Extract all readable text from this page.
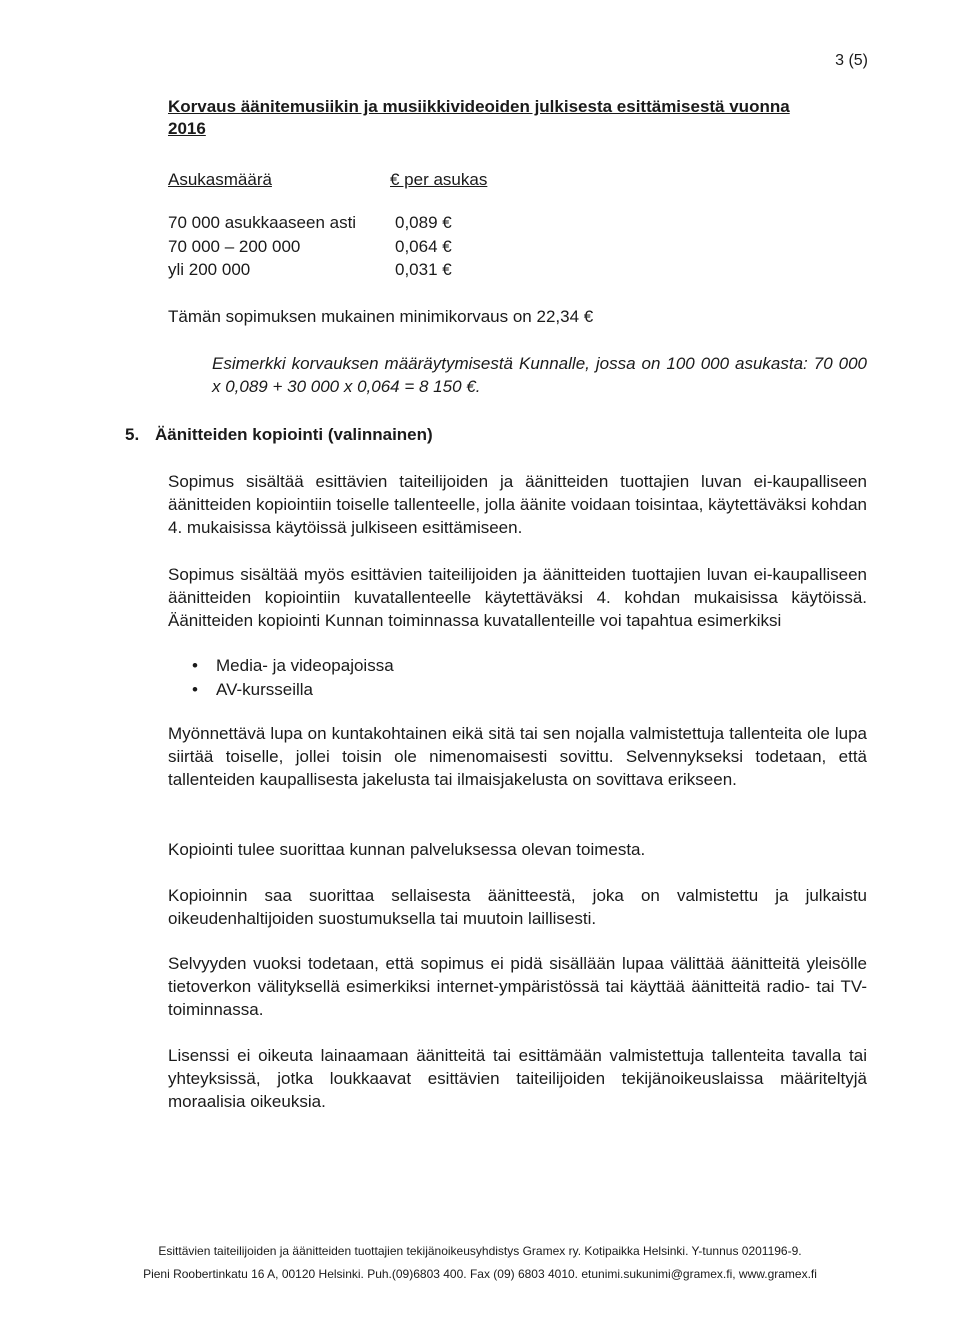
3 (5)
Korvaus äänitemusiikin ja musiikkivideoiden julkisesta esittämisestä vuonna 2016
Asukasmäärä	€ per asukas
70 000 asukkaaseen asti 0,089 €
70 000 – 200 000	0,064 €
yli 200 000	0,031 €
Tämän sopimuksen mukainen minimikorvaus on 22,34 €
Esimerkki korvauksen määräytymisestä Kunnalle, jossa on 100 000 asukasta: 70 000 x 0,089 + 30 000 x 0,064 = 8 150 €.
5. Äänitteiden kopiointi (valinnainen)
Sopimus sisältää esittävien taiteilijoiden ja äänitteiden tuottajien luvan ei-kaupalliseen äänitteiden kopiointiin toiselle tallenteelle, jolla äänite voidaan toisintaa, käytettäväksi kohdan 4. mukaisissa käytöissä julkiseen esittämiseen.
Sopimus sisältää myös esittävien taiteilijoiden ja äänitteiden tuottajien luvan ei-kaupalliseen äänitteiden kopiointiin kuvatallenteelle käytettäväksi 4. kohdan mukaisissa käytöissä. Äänitteiden kopiointi Kunnan toiminnassa kuvatallenteille voi tapahtua esimerkiksi
• Media- ja videopajoissa
• AV-kursseilla
Myönnettävä lupa on kuntakohtainen eikä sitä tai sen nojalla valmistettuja tallenteita ole lupa siirtää toiselle, jollei toisin ole nimenomaisesti sovittu. Selvennykseksi todetaan, että tallenteiden kaupallisesta jakelusta tai ilmaisjakelusta on sovittava erikseen.
Kopiointi tulee suorittaa kunnan palveluksessa olevan toimesta.
Kopioinnin saa suorittaa sellaisesta äänitteestä, joka on valmistettu ja julkaistu oikeudenhaltijoiden suostumuksella tai muutoin laillisesti.
Selvyyden vuoksi todetaan, että sopimus ei pidä sisällään lupaa välittää äänitteitä yleisölle tietoverkon välityksellä esimerkiksi internet-ympäristössä tai käyttää äänitteitä radio- tai TV-toiminnassa.
Lisenssi ei oikeuta lainaamaan äänitteitä tai esittämään valmistettuja tallenteita tavalla tai yhteyksissä, jotka loukkaavat esittävien taiteilijoiden tekijänoikeuslaissa määriteltyjä moraalisia oikeuksia.
Esittävien taiteilijoiden ja äänitteiden tuottajien tekijänoikeusyhdistys Gramex ry. Kotipaikka Helsinki. Y-tunnus 0201196-9.
Pieni Roobertinkatu 16 A, 00120 Helsinki. Puh.(09)6803 400. Fax (09) 6803 4010. etunimi.sukunimi@gramex.fi, www.gramex.fi
